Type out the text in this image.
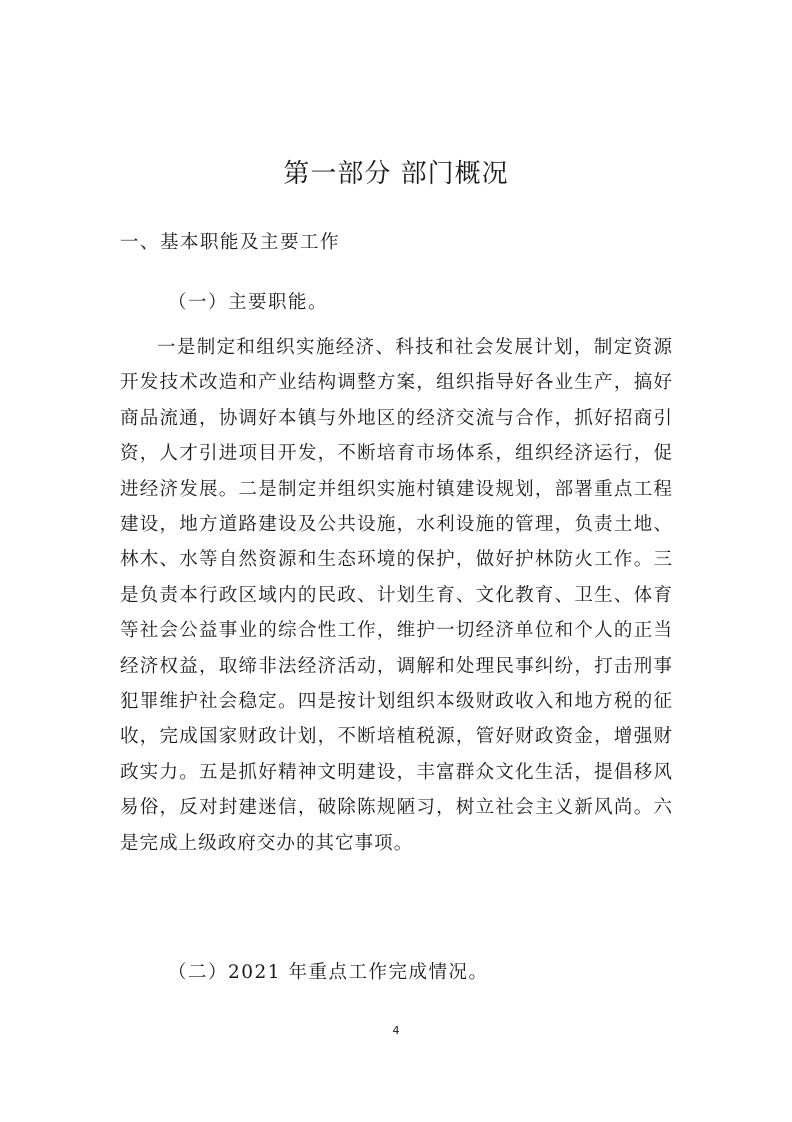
第一部分 部门概况
一、基本职能及主要工作
（一）主要职能。

一是制定和组织实施经济、科技和社会发展计划，制定资源开发技术改造和产业结构调整方案，组织指导好各业生产，搞好商品流通，协调好本镇与外地区的经济交流与合作，抓好招商引资，人才引进项目开发，不断培育市场体系，组织经济运行，促进经济发展。二是制定并组织实施村镇建设规划，部署重点工程建设，地方道路建设及公共设施，水利设施的管理，负责土地、林木、水等自然资源和生态环境的保护，做好护林防火工作。三是负责本行政区域内的民政、计划生育、文化教育、卫生、体育等社会公益事业的综合性工作，维护一切经济单位和个人的正当经济权益，取缔非法经济活动，调解和处理民事纠纷，打击刑事犯罪维护社会稳定。四是按计划组织本级财政收入和地方税的征收，完成国家财政计划，不断培植税源，管好财政资金，增强财政实力。五是抓好精神文明建设，丰富群众文化生活，提倡移风易俗，反对封建迷信，破除陈规陋习，树立社会主义新风尚。六是完成上级政府交办的其它事项。

（二）2021 年重点工作完成情况。
4
